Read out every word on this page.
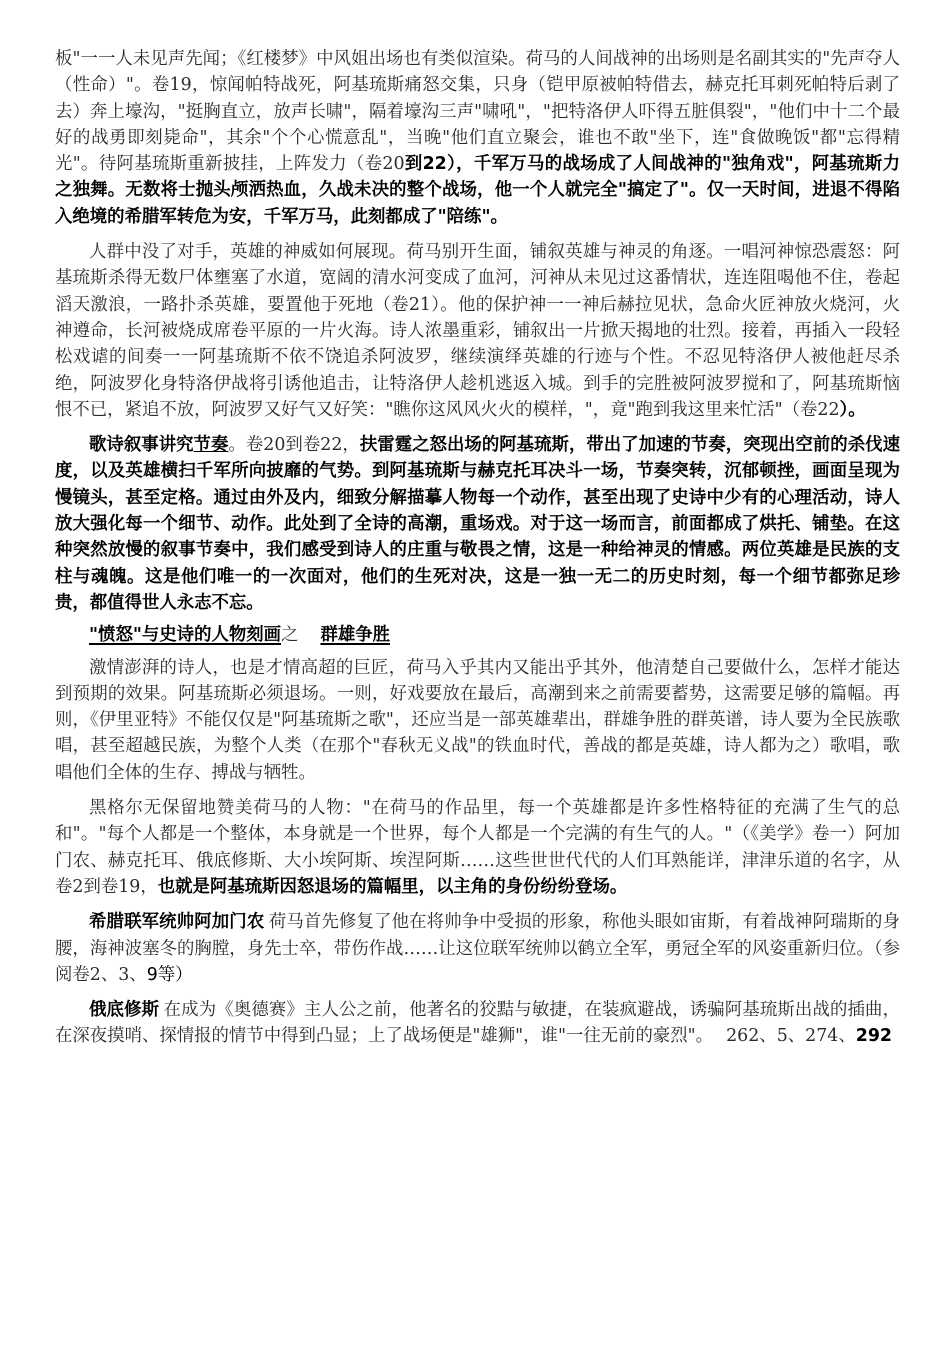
板"一一人未见声先闻；《红楼梦》中风姐出场也有类似渲染。荷马的人间战神的出场则是名副其实的"先声夺人（性命）"。卷19，惊闻帕特战死，阿基琉斯痛怒交集，只身（铠甲原被帕特借去，赫克托耳刺死帕特后剥了去）奔上壕沟，"挺胸直立，放声长啸"，隔着壕沟三声"啸吼"，"把特洛伊人吓得五脏俱裂"，"他们中十二个最好的战勇即刻毙命"，其余"个个心慌意乱"，当晚"他们直立聚会，谁也不敢"坐下，连"食做晚饭"都"忘得精光"。待阿基琉斯重新披挂，上阵发力（卷20到22），千军万马的战场成了人间战神的"独角戏"，阿基琉斯力之独舞。无数将士抛头颅洒热血，久战未决的整个战场，他一个人就完全"搞定了"。仅一天时间，进退不得陷入绝境的希腊军转危为安，千军万马，此刻都成了"陪练"。

人群中没了对手，英雄的神威如何展现。荷马别开生面，铺叙英雄与神灵的角逐。一唱河神惊恐震怒：阿基琉斯杀得无数尸体壅塞了水道，宽阔的清水河变成了血河，河神从未见过这番情状，连连阻喝他不住，卷起滔天激浪，一路扑杀英雄，要置他于死地（卷21）。他的保护神一一神后赫拉见状，急命火匠神放火烧河，火神遵命，长河被烧成席卷平原的一片火海。诗人浓墨重彩，铺叙出一片掀天揭地的壮烈。接着，再插入一段轻松戏谑的间奏一一阿基琉斯不依不饶追杀阿波罗，继续演绎英雄的行迹与个性。不忍见特洛伊人被他赶尽杀绝，阿波罗化身特洛伊战将引诱他追击，让特洛伊人趁机逃返入城。到手的完胜被阿波罗搅和了，阿基琉斯恼恨不已，紧追不放，阿波罗又好气又好笑："瞧你这风风火火的模样，"，竟"跑到我这里来忙活"（卷22）。

歌诗叙事讲究节奏。卷20到卷22，扶雷霆之怒出场的阿基琉斯，带出了加速的节奏，突现出空前的杀伐速度，以及英雄横扫千军所向披靡的气势。到阿基琉斯与赫克托耳决斗一场，节奏突转，沉郁顿挫，画面呈现为慢镜头，甚至定格。通过由外及内，细致分解描摹人物每一个动作，甚至出现了史诗中少有的心理活动，诗人放大强化每一个细节、动作。此处到了全诗的高潮，重场戏。对于这一场而言，前面都成了烘托、铺垫。在这种突然放慢的叙事节奏中，我们感受到诗人的庄重与敬畏之情，这是一种给神灵的情感。两位英雄是民族的支柱与魂魄。这是他们唯一的一次面对，他们的生死对决，这是一独一无二的历史时刻，每一个细节都弥足珍贵，都值得世人永志不忘。

"愤怒"与史诗的人物刻画之 群雄争胜

激情澎湃的诗人，也是才情高超的巨匠，荷马入乎其内又能出乎其外，他清楚自己要做什么，怎样才能达到预期的效果。阿基琉斯必须退场。一则，好戏要放在最后，高潮到来之前需要蓄势，这需要足够的篇幅。再则，《伊里亚特》不能仅仅是"阿基琉斯之歌"，还应当是一部英雄辈出，群雄争胜的群英谱，诗人要为全民族歌唱，甚至超越民族，为整个人类（在那个"春秋无义战"的铁血时代，善战的都是英雄，诗人都为之）歌唱，歌唱他们全体的生存、搏战与牺牲。

黑格尔无保留地赞美荷马的人物："在荷马的作品里，每一个英雄都是许多性格特征的充满了生气的总和"。"每个人都是一个整体，本身就是一个世界，每个人都是一个完满的有生气的人。"（《美学》卷一）阿加门农、赫克托耳、俄底修斯、大小埃阿斯、埃涅阿斯……这些世世代代的人们耳熟能详，津津乐道的名字，从卷2到卷19，也就是阿基琉斯因怒退场的篇幅里，以主角的身份纷纷登场。

希腊联军统帅阿加门农 荷马首先修复了他在将帅争中受损的形象，称他头眼如宙斯，有着战神阿瑞斯的身腰，海神波塞冬的胸膛，身先士卒，带伤作战……让这位联军统帅以鹤立全军，勇冠全军的风姿重新归位。（参阅卷2、3、9等）

俄底修斯 在成为《奥德赛》主人公之前，他著名的狡黠与敏捷，在装疯避战，诱骗阿基琉斯出战的插曲，在深夜摸哨、探情报的情节中得到凸显；上了战场便是"雄狮"，谁"一往无前的豪烈"。 262、5、274、292
